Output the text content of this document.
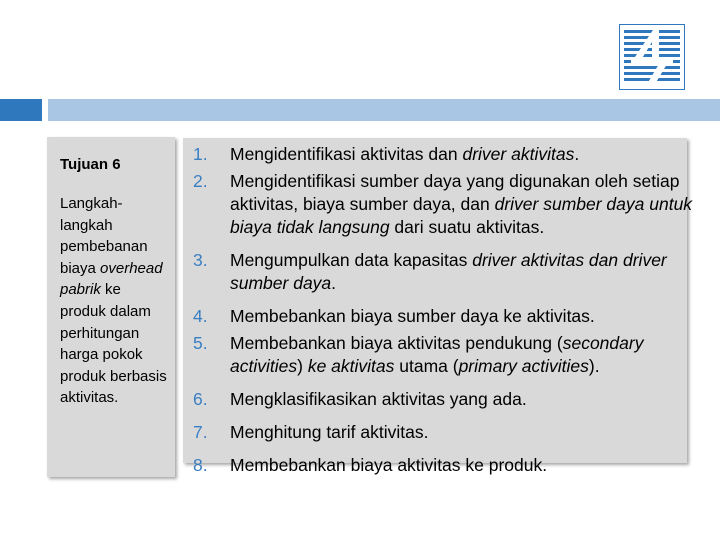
Tujuan 6
Langkah-langkah pembebanan biaya overhead pabrik ke produk dalam perhitungan harga pokok produk berbasis aktivitas.
1. Mengidentifikasi aktivitas dan driver aktivitas.
2. Mengidentifikasi sumber daya yang digunakan oleh setiap aktivitas, biaya sumber daya, dan driver sumber daya untuk biaya tidak langsung dari suatu aktivitas.
3. Mengumpulkan data kapasitas driver aktivitas dan driver sumber daya.
4. Membebankan biaya sumber daya ke aktivitas.
5. Membebankan biaya aktivitas pendukung (secondary activities) ke aktivitas utama (primary activities).
6. Mengklasifikasikan aktivitas yang ada.
7. Menghitung tarif aktivitas.
8. Membebankan biaya aktivitas ke produk.
